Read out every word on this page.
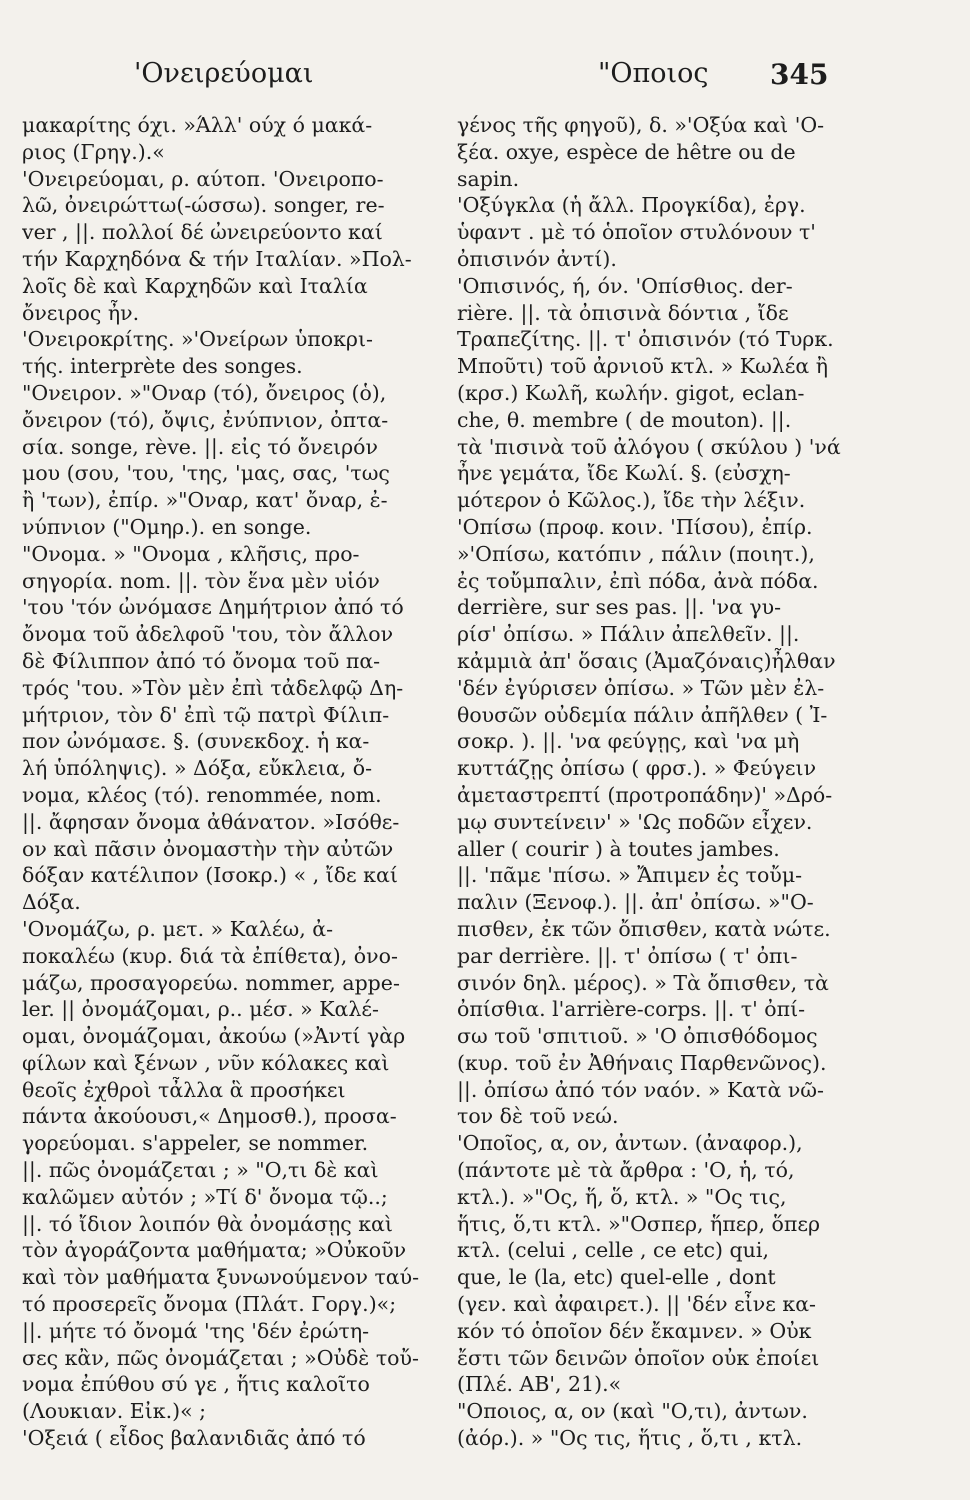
'Ονειρεύομαι	"Οποιος 345
μακαρίτης όχι. »Άλλ' ούχ ό μακά-
ριος (Γρηγ.).«
'Ονειρεύομαι, ρ. αύτοπ. 'Ονειροπο-
λῶ, ὀνειρώττω(-ώσσω). songer, re-
ver , ||. πολλοί δέ ὠνειρεύοντο καί
τήν Καρχηδόνα & τήν Ιταλίαν. »Πολ-
λοῖς δὲ καὶ Καρχηδῶν καὶ Ιταλία
ὄνειρος ἦν.
'Ονειροκρίτης. »'Ονείρων ὑποκρι-
τής. interprète des songes.
"Ονειρον. »"Οναρ (τό), ὄνειρος (ὁ),
ὄνειρον (τό), ὄψις, ἐνύπνιον, ὀπτα-
σία. songe, rève. ||. εἰς τό ὄνειρόν
μου (σου, 'του, 'της, 'μας, σας, 'τως
ἢ 'των), ἐπίρ. »"Οναρ, κατ' ὄναρ, ἐ-
νύπνιον ("Ομηρ.). en songe.
"Ονομα. » "Ονομα , κλῆσις, προ-
σηγορία. nom. ||. τὸν ἕνα μὲν υἱόν
'του 'τόν ὠνόμασε Δημήτριον ἀπό τό
ὄνομα τοῦ ἀδελφοῦ 'του, τὸν ἄλλον
δὲ Φίλιππον ἀπό τό ὄνομα τοῦ πα-
τρός 'του. »Τὸν μὲν ἐπὶ τἀδελφῷ Δη-
μήτριον, τὸν δ' ἐπὶ τῷ πατρὶ Φίλιπ-
πον ὠνόμασε. §. (συνεκδοχ. ἡ κα-
λή ὑπόληψις). » Δόξα, εὔκλεια, ὄ-
νομα, κλέος (τό). renommée, nom.
||. ἄφησαν ὄνομα ἀθάνατον. »Ισόθε-
ον καὶ πᾶσιν ὀνομαστὴν τὴν αὐτῶν
δόξαν κατέλιπον (Ισοκρ.) « , ἴδε καί
Δόξα.
'Ονομάζω, ρ. μετ. » Καλέω, ἀ-
ποκαλέω (κυρ. διά τὰ ἐπίθετα), ὀνο-
μάζω, προσαγορεύω. nommer, appe-
ler. || ὀνομάζομαι, ρ.. μέσ. » Καλέ-
ομαι, ὀνομάζομαι, ἀκούω (»Ἀντί γὰρ
φίλων καὶ ξένων , νῦν κόλακες καὶ
θεοῖς ἐχθροὶ τἆλλα ἃ προσήκει
πάντα ἀκούουσι,« Δημοσθ.), προσα-
γορεύομαι. s'appeler, se nommer.
||. πῶς ὀνομάζεται ; » "Ο,τι δὲ καὶ
καλῶμεν αὐτόν ; »Τί δ' ὄνομα τῷ..;
||. τό ἴδιον λοιπόν θὰ ὀνομάσῃς καὶ
τὸν ἀγοράζοντα μαθήματα; »Οὐκοῦν
καὶ τὸν μαθήματα ξυνωνούμενον ταύ-
τό προσερεῖς ὄνομα (Πλάτ. Γοργ.)«;
||. μήτε τό ὄνομά 'της 'δέν ἐρώτη-
σες κἂν, πῶς ὀνομάζεται ; »Οὐδὲ τοὔ-
νομα ἐπύθου σύ γε , ἥτις καλοῖτο
(Λουκιαν. Εἰκ.)« ;
'Οξειά ( εἶδος βαλανιδιᾶς ἀπό τό
γένος τῆς φηγοῦ), δ. »'Οξύα καὶ 'Ο-
ξέα. oxye, espèce de hêtre ou de
sapin.
'Οξύγκλα (ἡ ἄλλ. Προγκίδα), ἐργ.
ὑφαντ . μὲ τό ὁποῖον στυλόνουν τ'
ὀπισινόν ἀντί).
'Οπισινός, ή, όν. 'Οπίσθιος. der-
rière. ||. τὰ ὀπισινὰ δόντια , ἴδε
Τραπεζίτης. ||. τ' ὀπισινόν (τό Τυρκ.
Μποῦτι) τοῦ ἀρνιοῦ κτλ. » Κωλέα ἢ
(κρσ.) Κωλῆ, κωλήν. gigot, eclan-
che, θ. membre ( de mouton). ||.
τὰ 'πισινὰ τοῦ ἀλόγου ( σκύλου ) 'νά
ἦνε γεμάτα, ἴδε Κωλί. §. (εὐσχη-
μότερον ὁ Κῶλος.), ἴδε τὴν λέξιν.
'Οπίσω (προφ. κοιν. 'Πίσου), ἐπίρ.
»'Οπίσω, κατόπιν , πάλιν (ποιητ.),
ἐς τοὔμπαλιν, ἐπὶ πόδα, ἀνὰ πόδα.
derrière, sur ses pas. ||. 'να γυ-
ρίσ' ὀπίσω. » Πάλιν ἀπελθεῖν. ||.
κἀμμιὰ ἀπ' ὅσαις (Ἀμαζόναις)ἦλθαν
'δέν ἐγύρισεν ὀπίσω. » Τῶν μὲν ἐλ-
θουσῶν οὐδεμία πάλιν ἀπῆλθεν ( Ἰ-
σοκρ. ). ||. 'να φεύγῃς, καὶ 'να μὴ
κυττάζῃς ὀπίσω ( φρσ.). » Φεύγειν
ἀμεταστρεπτί (προτροπάδην)' »Δρό-
μῳ συντείνειν' » 'Ως ποδῶν εἶχεν.
aller ( courir ) à toutes jambes.
||. 'πᾶμε 'πίσω. » Ἄπιμεν ἐς τοὔμ-
παλιν (Ξενοφ.). ||. ἀπ' ὀπίσω. »"Ο-
πισθεν, ἐκ τῶν ὄπισθεν, κατὰ νώτε.
par derrière. ||. τ' ὀπίσω ( τ' ὀπι-
σινόν δηλ. μέρος). » Τὰ ὄπισθεν, τὰ
ὀπίσθια. l'arrière-corps. ||. τ' ὀπί-
σω τοῦ 'σπιτιοῦ. » 'Ο ὀπισθόδομος
(κυρ. τοῦ ἐν Ἀθήναις Παρθενῶνος).
||. ὀπίσω ἀπό τόν ναόν. » Κατὰ νῶ-
τον δὲ τοῦ νεώ.
'Οποῖος, α, ον, ἀντων. (ἀναφορ.),
(πάντοτε μὲ τὰ ἄρθρα : 'Ο, ἡ, τό,
κτλ.). »"Ος, ἥ, ὅ, κτλ. » "Ος τις,
ἥτις, ὅ,τι κτλ. »"Οσπερ, ἥπερ, ὅπερ
κτλ. (celui , celle , ce etc) qui,
que, le (la, etc) quel-elle , dont
(γεν. καὶ ἀφαιρετ.). || 'δέν εἶνε κα-
κόν τό ὁποῖον δέν ἔκαμνεν. » Οὐκ
ἔστι τῶν δεινῶν ὁποῖον οὐκ ἐποίει
(Πλέ. ΑΒ', 21).«
"Οποιος, α, ον (καὶ "Ο,τι), ἀντων.
(ἀόρ.). » "Ος τις, ἥτις , ὅ,τι , κτλ.
